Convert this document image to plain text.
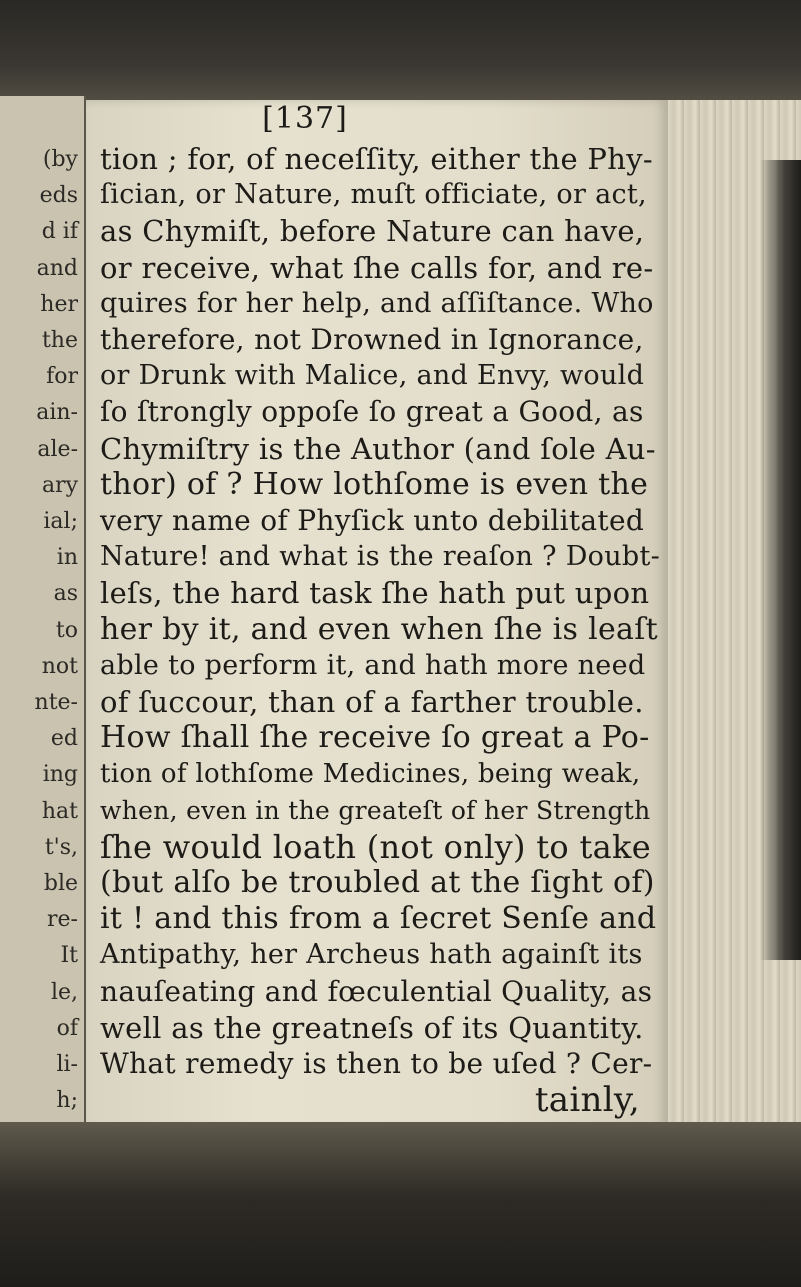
(by
eds
d if
and
her
the
for
ain-
ale-
ary
ial;
in
as
to
not
nte-
ed
ing
hat
t's,
ble
re-
It
le,
of
li-
h;
[137]
tion ; for, of neceſſity, either the Phy-
ſician, or Nature, muſt officiate, or act,
as Chymiſt, before Nature can have,
or receive, what ſhe calls for, and re-
quires for her help, and aſſiſtance. Who
therefore, not Drowned in Ignorance,
or Drunk with Malice, and Envy, would
ſo ſtrongly oppoſe ſo great a Good, as
Chymiſtry is the Author (and ſole Au-
thor) of ? How lothſome is even the
very name of Phyſick unto debilitated
Nature! and what is the reaſon ? Doubt-
leſs, the hard task ſhe hath put upon
her by it, and even when ſhe is leaſt
able to perform it, and hath more need
of ſuccour, than of a farther trouble.
How ſhall ſhe receive ſo great a Po-
tion of lothſome Medicines, being weak,
when, even in the greateſt of her Strength
ſhe would loath (not only) to take
(but alſo be troubled at the ſight of)
it ! and this from a ſecret Senſe and
Antipathy, her Archeus hath againſt its
nauſeating and fœculential Quality, as
well as the greatneſs of its Quantity.
What remedy is then to be uſed ? Cer-
tainly,
